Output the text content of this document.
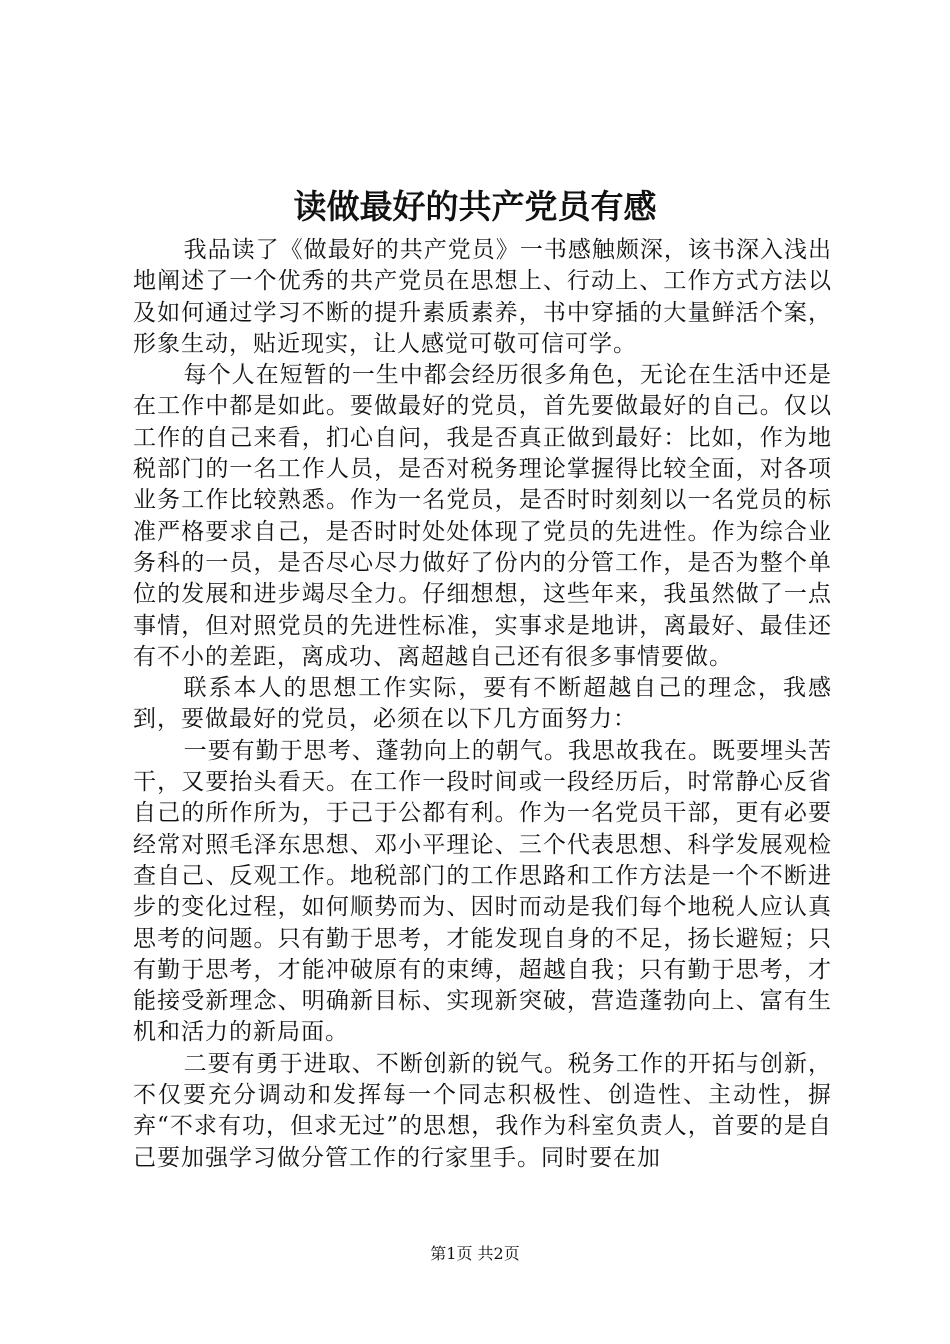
读做最好的共产党员有感

我品读了《做最好的共产党员》一书感触颇深，该书深入浅出地阐述了一个优秀的共产党员在思想上、行动上、工作方式方法以及如何通过学习不断的提升素质素养，书中穿插的大量鲜活个案，形象生动，贴近现实，让人感觉可敬可信可学。

每个人在短暂的一生中都会经历很多角色，无论在生活中还是在工作中都是如此。要做最好的党员，首先要做最好的自己。仅以工作的自己来看，扪心自问，我是否真正做到最好：比如，作为地税部门的一名工作人员，是否对税务理论掌握得比较全面，对各项业务工作比较熟悉。作为一名党员，是否时时刻刻以一名党员的标准严格要求自己，是否时时处处体现了党员的先进性。作为综合业务科的一员，是否尽心尽力做好了份内的分管工作，是否为整个单位的发展和进步竭尽全力。仔细想想，这些年来，我虽然做了一点事情，但对照党员的先进性标准，实事求是地讲，离最好、最佳还有不小的差距，离成功、离超越自己还有很多事情要做。

联系本人的思想工作实际，要有不断超越自己的理念，我感到，要做最好的党员，必须在以下几方面努力：

一要有勤于思考、蓬勃向上的朝气。我思故我在。既要埋头苦干，又要抬头看天。在工作一段时间或一段经历后，时常静心反省自己的所作所为，于己于公都有利。作为一名党员干部，更有必要经常对照毛泽东思想、邓小平理论、三个代表思想、科学发展观检查自己、反观工作。地税部门的工作思路和工作方法是一个不断进步的变化过程，如何顺势而为、因时而动是我们每个地税人应认真思考的问题。只有勤于思考，才能发现自身的不足，扬长避短；只有勤于思考，才能冲破原有的束缚，超越自我；只有勤于思考，才能接受新理念、明确新目标、实现新突破，营造蓬勃向上、富有生机和活力的新局面。

二要有勇于进取、不断创新的锐气。税务工作的开拓与创新，不仅要充分调动和发挥每一个同志积极性、创造性、主动性，摒弃“不求有功，但求无过”的思想，我作为科室负责人，首要的是自己要加强学习做分管工作的行家里手。同时要在加

第1页 共2页
